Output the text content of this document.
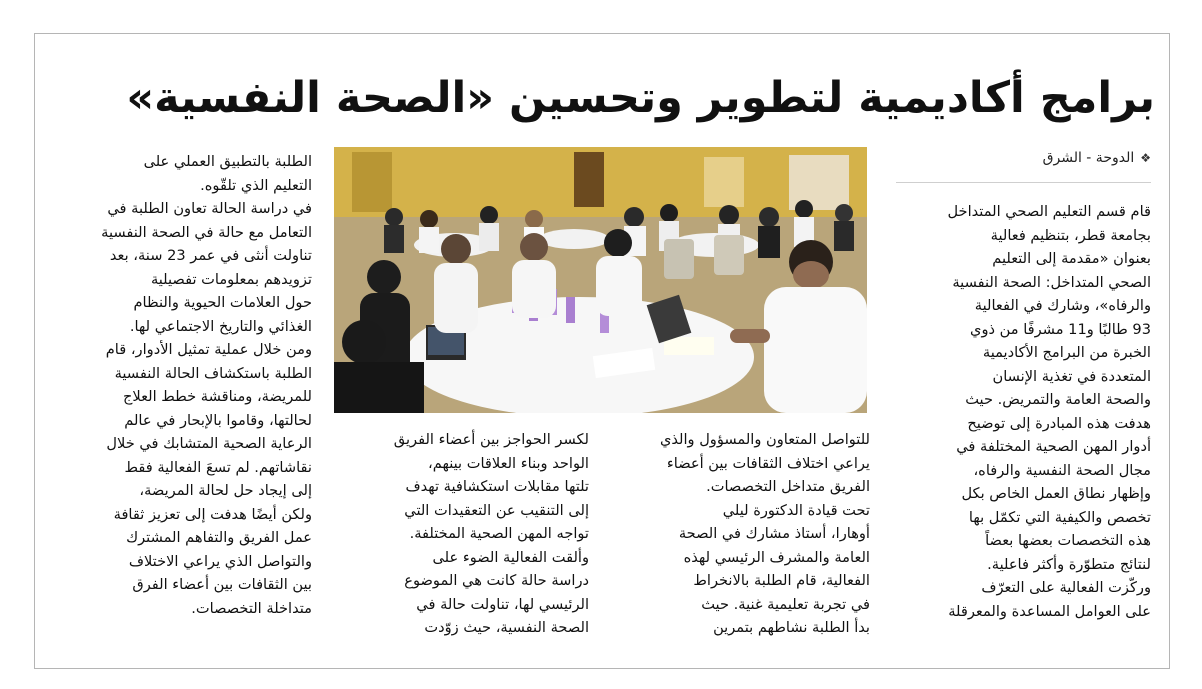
برامج أكاديمية لتطوير وتحسين «الصحة النفسية»
❖الدوحة - الشرق
قام قسم التعليم الصحي المتداخل
بجامعة قطر، بتنظيم فعالية
بعنوان «مقدمة إلى التعليم
الصحي المتداخل: الصحة النفسية
والرفاه»، وشارك في الفعالية
93 طالبًا و11 مشرفًا من ذوي
الخبرة من البرامج الأكاديمية
المتعددة في تغذية الإنسان
والصحة العامة والتمريض. حيث
هدفت هذه المبادرة إلى توضيح
أدوار المهن الصحية المختلفة في
مجال الصحة النفسية والرفاه،
وإظهار نطاق العمل الخاص بكل
تخصص والكيفية التي تكمّل بها
هذه التخصصات بعضها بعضاً
لنتائج متطوّرة وأكثر فاعلية.
وركّزت الفعالية على التعرّف
على العوامل المساعدة والمعرقلة
للتواصل المتعاون والمسؤول والذي
يراعي اختلاف الثقافات بين أعضاء
الفريق متداخل التخصصات.
تحت قيادة الدكتورة ليلي
أوهارا، أستاذ مشارك في الصحة
العامة والمشرف الرئيسي لهذه
الفعالية، قام الطلبة بالانخراط
في تجربة تعليمية غنية. حيث
بدأ الطلبة نشاطهم بتمرين
لكسر الحواجز بين أعضاء الفريق
الواحد وبناء العلاقات بينهم،
تلتها مقابلات استكشافية تهدف
إلى التنقيب عن التعقيدات التي
تواجه المهن الصحية المختلفة.
وألقت الفعالية الضوء على
دراسة حالة كانت هي الموضوع
الرئيسي لها، تناولت حالة في
الصحة النفسية، حيث زوّدت
الطلبة بالتطبيق العملي على
التعليم الذي تلقّوه.
في دراسة الحالة تعاون الطلبة في
التعامل مع حالة في الصحة النفسية
تناولت أنثى في عمر 23 سنة، بعد
تزويدهم بمعلومات تفصيلية
حول العلامات الحيوية والنظام
الغذائي والتاريخ الاجتماعي لها.
ومن خلال عملية تمثيل الأدوار، قام
الطلبة باستكشاف الحالة النفسية
للمريضة، ومناقشة خطط العلاج
لحالتها، وقاموا بالإبحار في عالم
الرعاية الصحية المتشابك في خلال
نقاشاتهم. لم تسعَ الفعالية فقط
إلى إيجاد حل لحالة المريضة،
ولكن أيضًا هدفت إلى تعزيز ثقافة
عمل الفريق والتفاهم المشترك
والتواصل الذي يراعي الاختلاف
بين الثقافات بين أعضاء الفرق
متداخلة التخصصات.
